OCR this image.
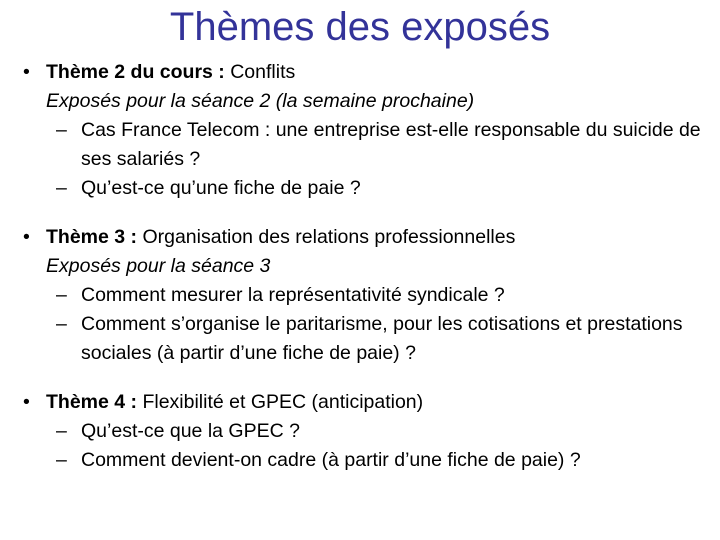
Thèmes des exposés
• Thème 2 du cours : Conflits
Exposés pour la séance 2 (la semaine prochaine)
– Cas France Telecom : une entreprise est-elle responsable du suicide de ses salariés ?
– Qu’est-ce qu’une fiche de paie ?
• Thème 3 : Organisation des relations professionnelles
Exposés pour la séance 3
– Comment mesurer la représentativité syndicale ?
– Comment s’organise le paritarisme, pour les cotisations et prestations sociales (à partir d’une fiche de paie) ?
• Thème 4 : Flexibilité et GPEC (anticipation)
– Qu’est-ce que la GPEC ?
– Comment devient-on cadre (à partir d’une fiche de paie) ?
